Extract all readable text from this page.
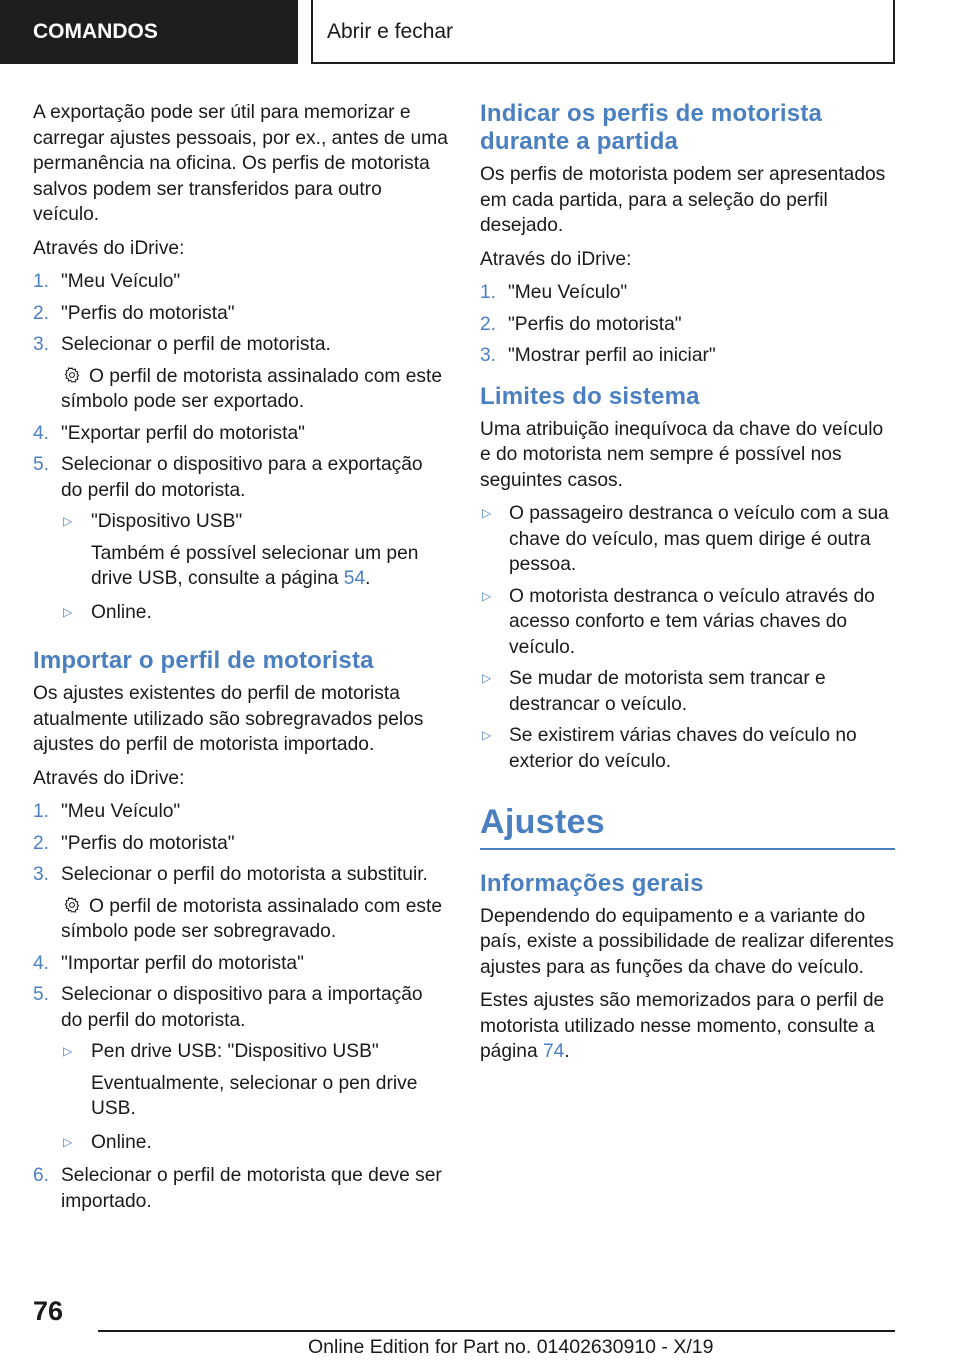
COMANDOS	Abrir e fechar

A exportação pode ser útil para memorizar e carregar ajustes pessoais, por ex., antes de uma permanência na oficina. Os perfis de motorista salvos podem ser transferidos para outro veículo.

Através do iDrive:

1. "Meu Veículo"
2. "Perfis do motorista"
3. Selecionar o perfil de motorista.
O perfil de motorista assinalado com este símbolo pode ser exportado.
4. "Exportar perfil do motorista"
5. Selecionar o dispositivo para a exportação do perfil do motorista.
▷ "Dispositivo USB"
Também é possível selecionar um pen drive USB, consulte a página 54.
▷ Online.
Importar o perfil de motorista

Os ajustes existentes do perfil de motorista atualmente utilizado são sobregravados pelos ajustes do perfil de motorista importado.

Através do iDrive:

1. "Meu Veículo"
2. "Perfis do motorista"
3. Selecionar o perfil do motorista a substituir.
O perfil de motorista assinalado com este símbolo pode ser sobregravado.
4. "Importar perfil do motorista"
5. Selecionar o dispositivo para a importação do perfil do motorista.
▷ Pen drive USB: "Dispositivo USB"
Eventualmente, selecionar o pen drive USB.
▷ Online.
6. Selecionar o perfil de motorista que deve ser importado.
Indicar os perfis de motorista durante a partida

Os perfis de motorista podem ser apresentados em cada partida, para a seleção do perfil desejado.

Através do iDrive:

1. "Meu Veículo"
2. "Perfis do motorista"
3. "Mostrar perfil ao iniciar"
Limites do sistema

Uma atribuição inequívoca da chave do veículo e do motorista nem sempre é possível nos seguintes casos.

▷ O passageiro destranca o veículo com a sua chave do veículo, mas quem dirige é outra pessoa.
▷ O motorista destranca o veículo através do acesso conforto e tem várias chaves do veículo.
▷ Se mudar de motorista sem trancar e destrancar o veículo.
▷ Se existirem várias chaves do veículo no exterior do veículo.
Ajustes
Informações gerais

Dependendo do equipamento e a variante do país, existe a possibilidade de realizar diferentes ajustes para as funções da chave do veículo.

Estes ajustes são memorizados para o perfil de motorista utilizado nesse momento, consulte a página 74.

76
Online Edition for Part no. 01402630910 - X/19
